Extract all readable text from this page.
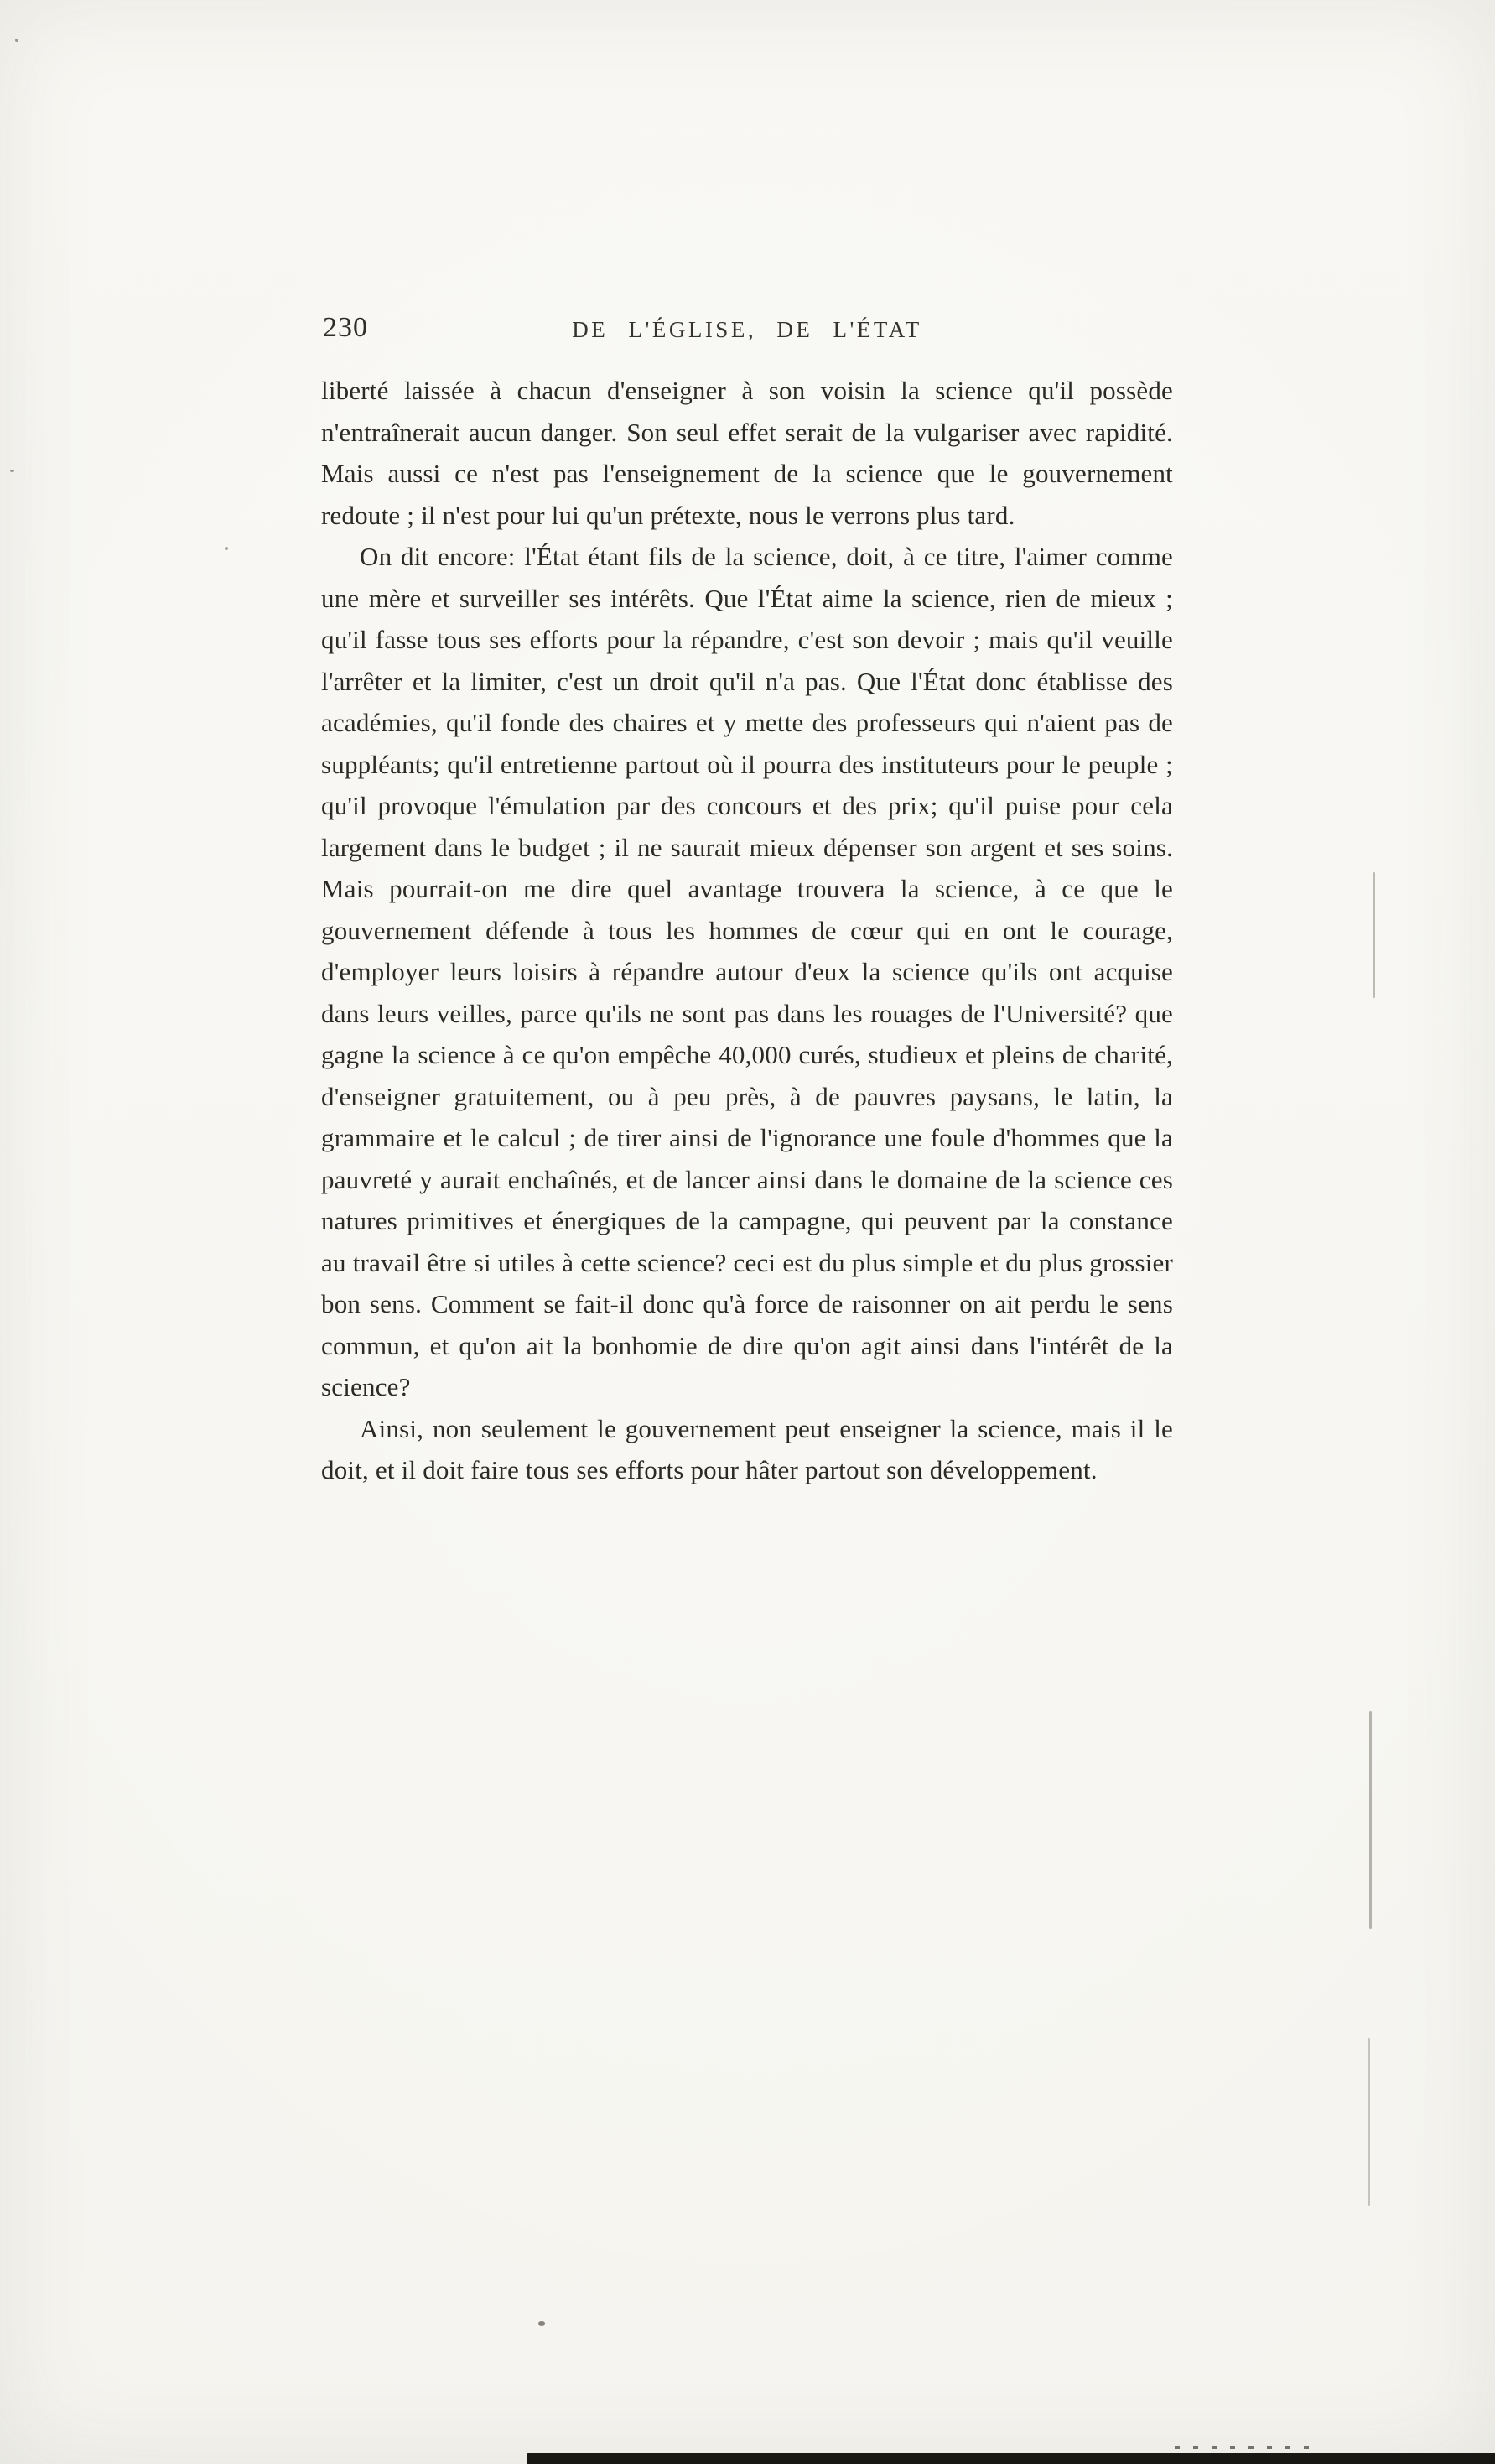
230	DE L'ÉGLISE, DE L'ÉTAT

liberté laissée à chacun d'enseigner à son voisin la science qu'il possède n'entraînerait aucun danger. Son seul effet serait de la vulgariser avec rapidité. Mais aussi ce n'est pas l'enseignement de la science que le gouvernement redoute ; il n'est pour lui qu'un prétexte, nous le verrons plus tard.

On dit encore: l'État étant fils de la science, doit, à ce titre, l'aimer comme une mère et surveiller ses intérêts. Que l'État aime la science, rien de mieux ; qu'il fasse tous ses efforts pour la répandre, c'est son devoir ; mais qu'il veuille l'arrêter et la limiter, c'est un droit qu'il n'a pas. Que l'État donc établisse des académies, qu'il fonde des chaires et y mette des professeurs qui n'aient pas de suppléants; qu'il entretienne partout où il pourra des instituteurs pour le peuple ; qu'il provoque l'émulation par des concours et des prix; qu'il puise pour cela largement dans le budget ; il ne saurait mieux dépenser son argent et ses soins. Mais pourrait-on me dire quel avantage trouvera la science, à ce que le gouvernement défende à tous les hommes de cœur qui en ont le courage, d'employer leurs loisirs à répandre autour d'eux la science qu'ils ont acquise dans leurs veilles, parce qu'ils ne sont pas dans les rouages de l'Université? que gagne la science à ce qu'on empêche 40,000 curés, studieux et pleins de charité, d'enseigner gratuitement, ou à peu près, à de pauvres paysans, le latin, la grammaire et le calcul ; de tirer ainsi de l'ignorance une foule d'hommes que la pauvreté y aurait enchaînés, et de lancer ainsi dans le domaine de la science ces natures primitives et énergiques de la campagne, qui peuvent par la constance au travail être si utiles à cette science? ceci est du plus simple et du plus grossier bon sens. Comment se fait-il donc qu'à force de raisonner on ait perdu le sens commun, et qu'on ait la bonhomie de dire qu'on agit ainsi dans l'intérêt de la science?

Ainsi, non seulement le gouvernement peut enseigner la science, mais il le doit, et il doit faire tous ses efforts pour hâter partout son développement.
